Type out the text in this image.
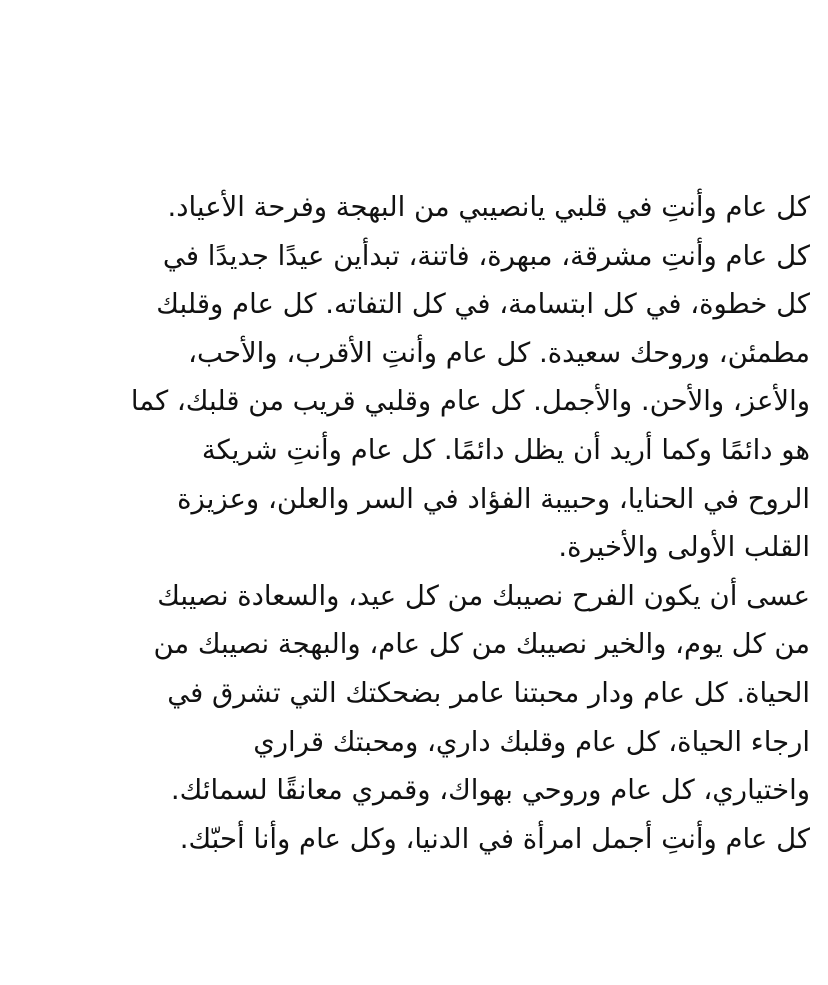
كل عام وأنتِ في قلبي يانصيبي من البهجة وفرحة الأعياد.
كل عام وأنتِ مشرقة، مبهرة، فاتنة، تبدأين عيدًا جديدًا في
كل خطوة، في كل ابتسامة، في كل التفاته. كل عام وقلبك
مطمئن، وروحك سعيدة. كل عام وأنتِ الأقرب، والأحب،
والأعز، والأحن. والأجمل. كل عام وقلبي قريب من قلبك، كما
هو دائمًا وكما أريد أن يظل دائمًا. كل عام وأنتِ شريكة
الروح في الحنايا، وحبيبة الفؤاد في السر والعلن، وعزيزة
القلب الأولى والأخيرة.
عسى أن يكون الفرح نصيبك من كل عيد، والسعادة نصيبك
من كل يوم، والخير نصيبك من كل عام، والبهجة نصيبك من
الحياة. كل عام ودار محبتنا عامر بضحكتك التي تشرق في
ارجاء الحياة، كل عام وقلبك داري، ومحبتك قراري
واختياري، كل عام وروحي بهواك، وقمري معانقًا لسمائك.
كل عام وأنتِ أجمل امرأة في الدنيا، وكل عام وأنا أحبّك.
